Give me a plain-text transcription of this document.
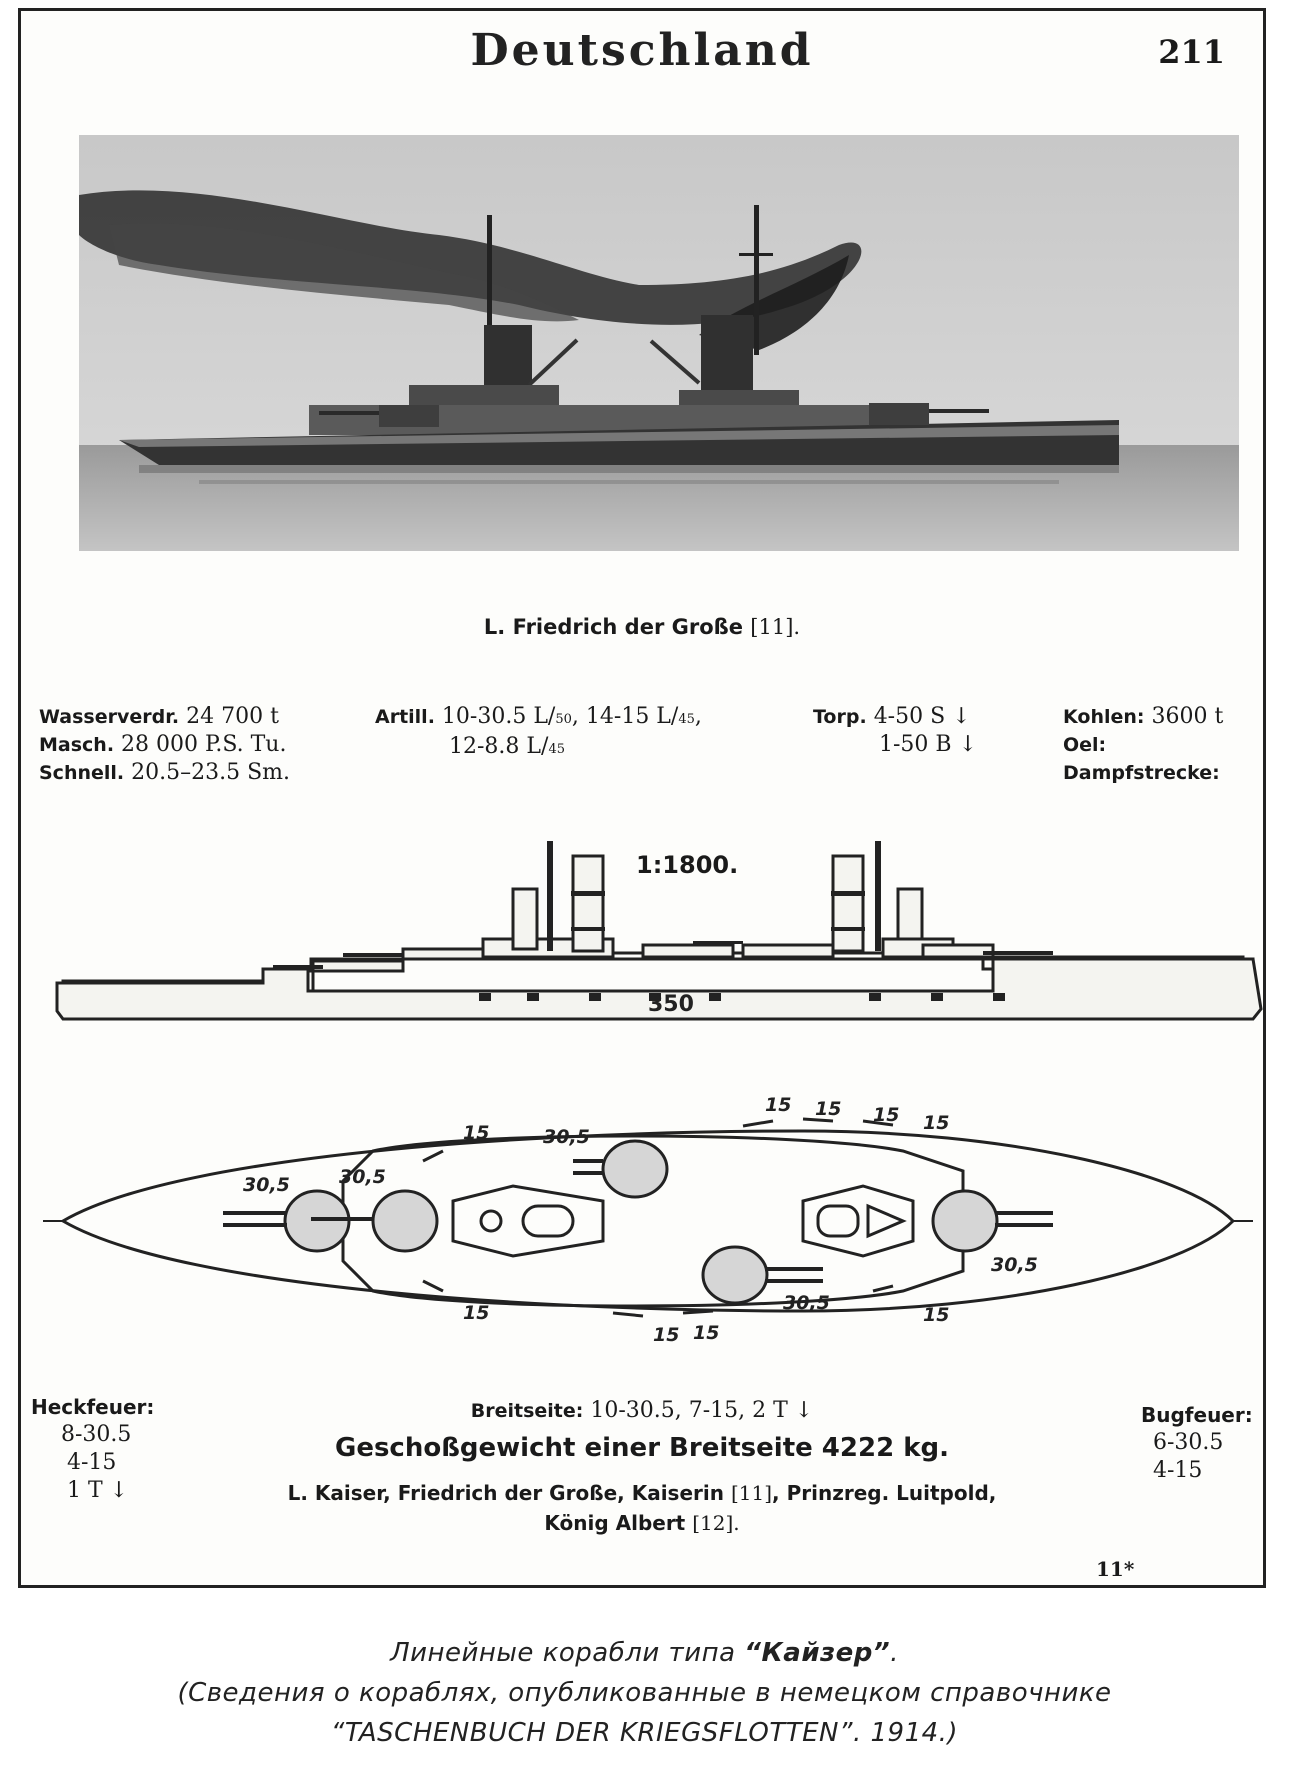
Deutschland	211
L. Friedrich der Große [11].
Wasserverdr. 24 700 t
Masch. 28 000 P.S. Tu.
Schnell. 20.5–23.5 Sm.
Artill. 10-30.5 L/50, 14-15 L/45,
12-8.8 L/45
Torp. 4-50 S ↓
1-50 B ↓
Kohlen: 3600 t
Oel:
Dampfstrecke:
1:1800.
350
30,5	30,5
30,5
30,5
30,5
15
15 15 15 15
15
15 15
15
Heckfeuer:
8-30.5
4-15
1 T ↓
Bugfeuer:
6-30.5
4-15
Breitseite: 10-30.5, 7-15, 2 T ↓
Geschoßgewicht einer Breitseite 4222 kg.
L. Kaiser, Friedrich der Große, Kaiserin [11], Prinzreg. Luitpold,
König Albert [12].
11*
Линейные корабли типа “Кайзер”.
(Сведения о кораблях, опубликованные в немецком справочнике
“TASCHENBUCH DER KRIEGSFLOTTEN”. 1914.)
